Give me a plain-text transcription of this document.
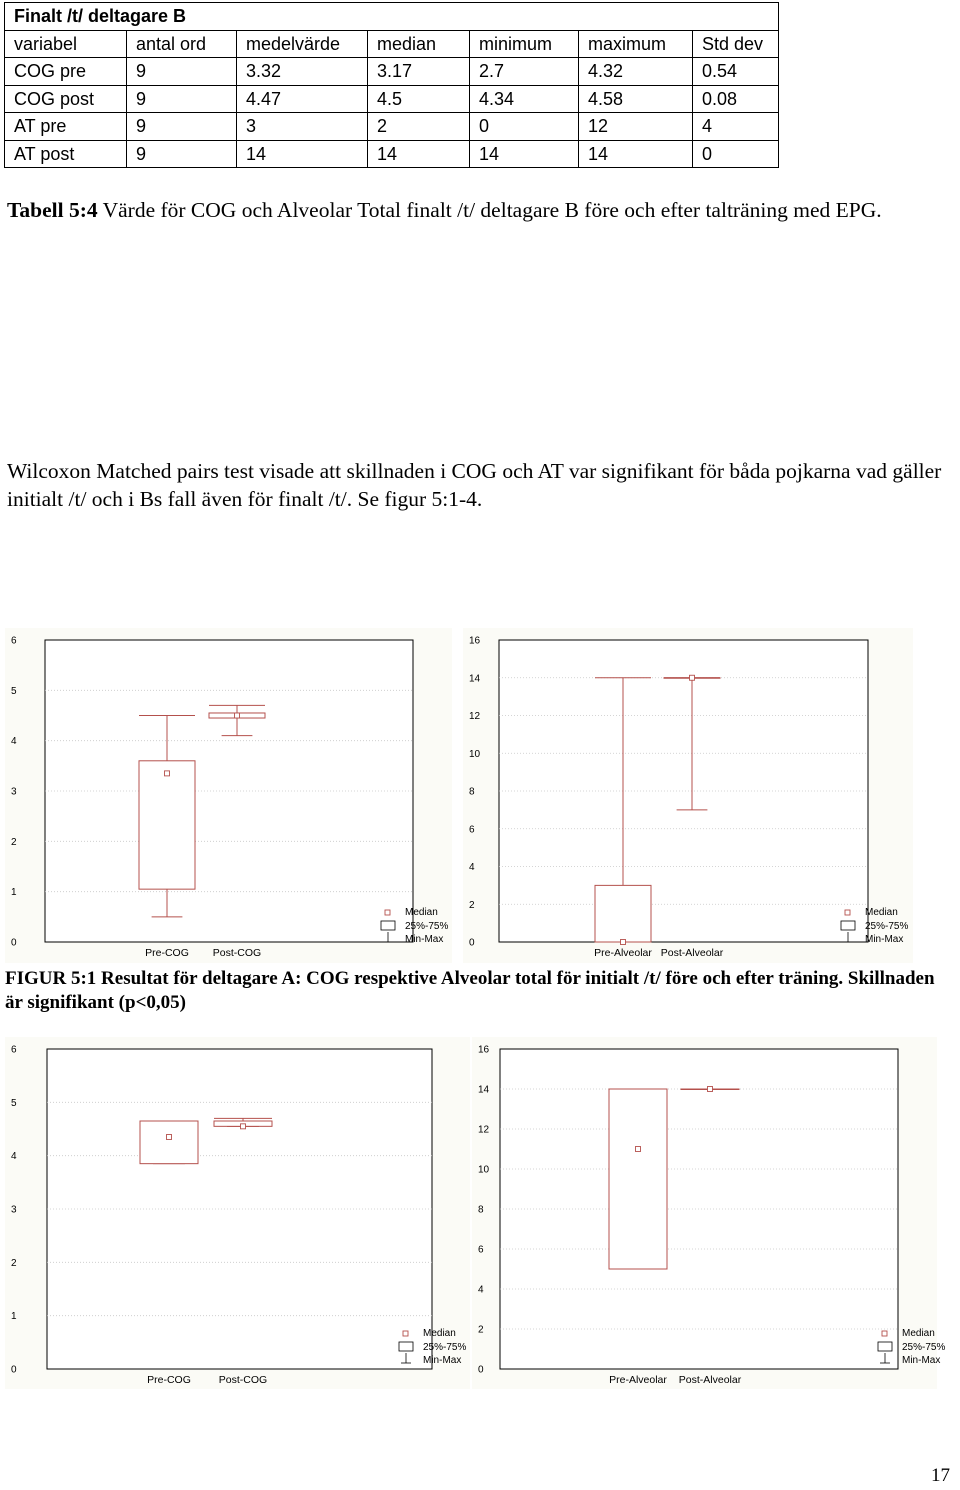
Finalt /t/ deltagare B						
variabel	antal ord	medelvärde	median	minimum	maximum	Std dev
COG pre	9	3.32	3.17	2.7	4.32	0.54
COG post	9	4.47	4.5	4.34	4.58	0.08
AT pre	9	3	2	0	12	4
AT post	9	14	14	14	14	0
Tabell 5:4 Värde för COG och Alveolar Total finalt /t/ deltagare B före och efter talträning med EPG.
Wilcoxon Matched pairs test visade att skillnaden i COG och AT var signifikant för båda pojkarna vad gäller initialt /t/ och i Bs fall även för finalt /t/. Se figur 5:1-4.
0
1
2
3
4
5
6
Pre-COG Post-COG
Median
25%-75%
Min-Max	0
2
4
6
8
10
12
14
16
Pre-Alveolar Post-Alveolar
Median
25%-75%
Min-Max
FIGUR 5:1 Resultat för deltagare A: COG respektive Alveolar total för initialt /t/ före och efter träning. Skillnaden är signifikant (p<0,05)
0
1
2
3
4
5
6
Pre-COG	Post-COG
Median
25%-75%
Min-Max
0
2
4
6
8
10
12
14
16
Pre-Alveolar Post-Alveolar
Median
25%-75%
Min-Max
17
